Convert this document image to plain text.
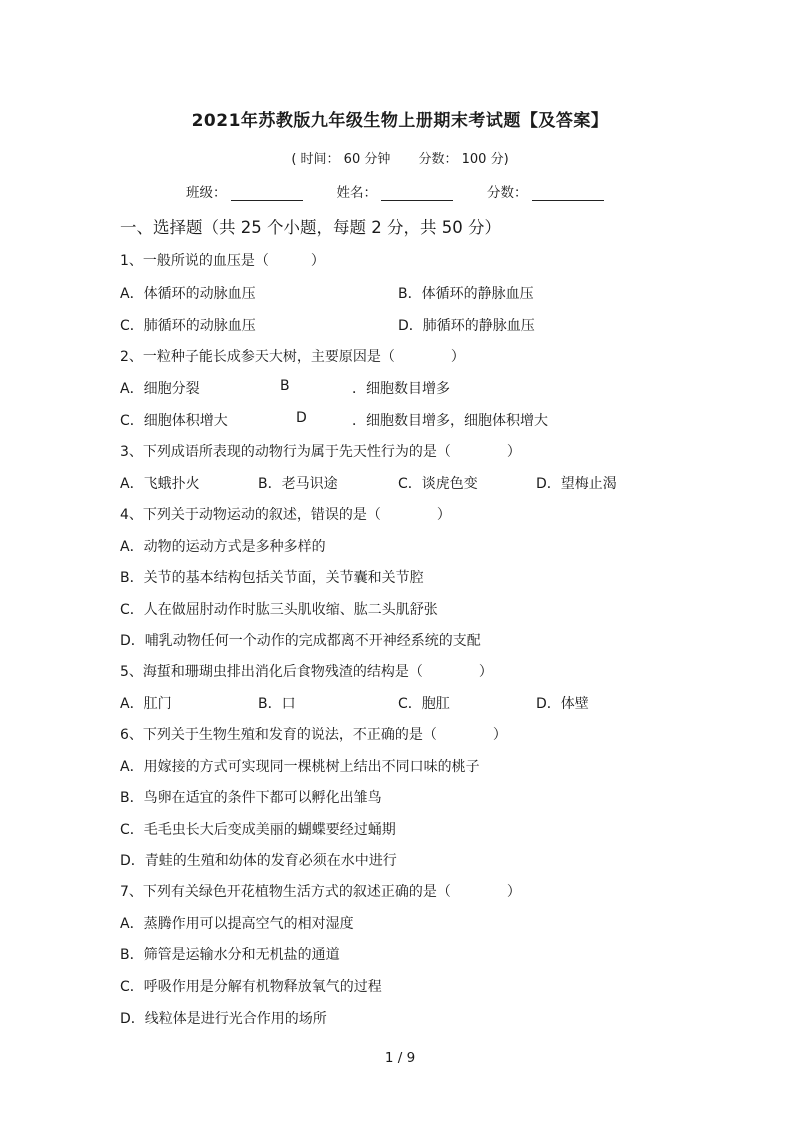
2021年苏教版九年级生物上册期末考试题【及答案】
( 时间： 60 分钟 分数： 100 分)
班级：	姓名：	分数：
一、选择题（共 25 个小题，每题 2 分，共 50 分）
1、一般所说的血压是（　　　）
A．体循环的动脉血压	B．体循环的静脉血压
C．肺循环的动脉血压	D．肺循环的静脉血压
2、一粒种子能长成参天大树，主要原因是（　　　　）
A．细胞分裂	B	．细胞数目增多
C．细胞体积增大	D	．细胞数目增多，细胞体积增大
3、下列成语所表现的动物行为属于先天性行为的是（　　　　）
A．飞蛾扑火	B．老马识途	C．谈虎色变	D．望梅止渴
4、下列关于动物运动的叙述，错误的是（　　　　）
A．动物的运动方式是多种多样的
B．关节的基本结构包括关节面，关节囊和关节腔
C．人在做屈肘动作时肱三头肌收缩、肱二头肌舒张
D．哺乳动物任何一个动作的完成都离不开神经系统的支配
5、海蜇和珊瑚虫排出消化后食物残渣的结构是（　　　　）
A．肛门	B．口	C．胞肛	D．体壁
6、下列关于生物生殖和发育的说法，不正确的是（　　　　）
A．用嫁接的方式可实现同一棵桃树上结出不同口味的桃子
B．鸟卵在适宜的条件下都可以孵化出雏鸟
C．毛毛虫长大后变成美丽的蝴蝶要经过蛹期
D．青蛙的生殖和幼体的发育必须在水中进行
7、下列有关绿色开花植物生活方式的叙述正确的是（　　　　）
A．蒸腾作用可以提高空气的相对湿度
B．筛管是运输水分和无机盐的通道
C．呼吸作用是分解有机物释放氧气的过程
D．线粒体是进行光合作用的场所
1 / 9
